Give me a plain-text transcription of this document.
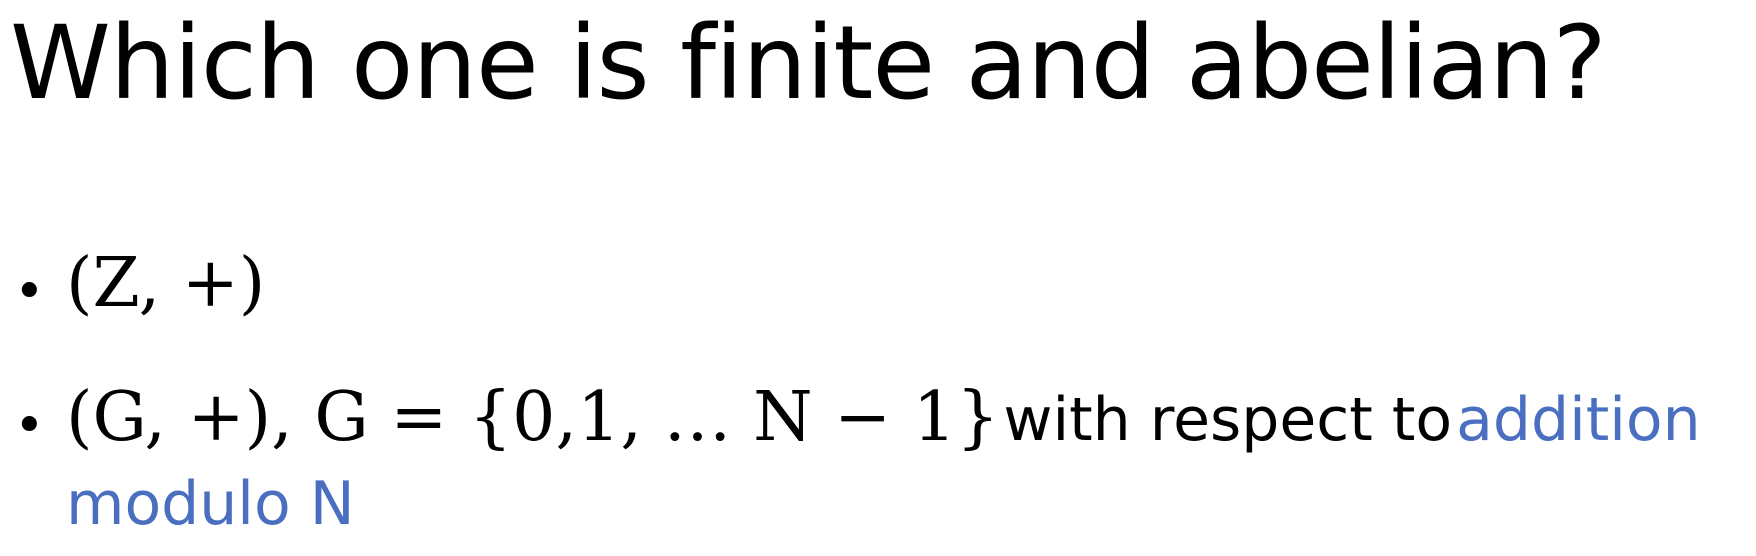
Which one is finite and abelian?
• (Z, +)
• (G, +), G = {0,1, … N − 1} with respect to addition
modulo N
